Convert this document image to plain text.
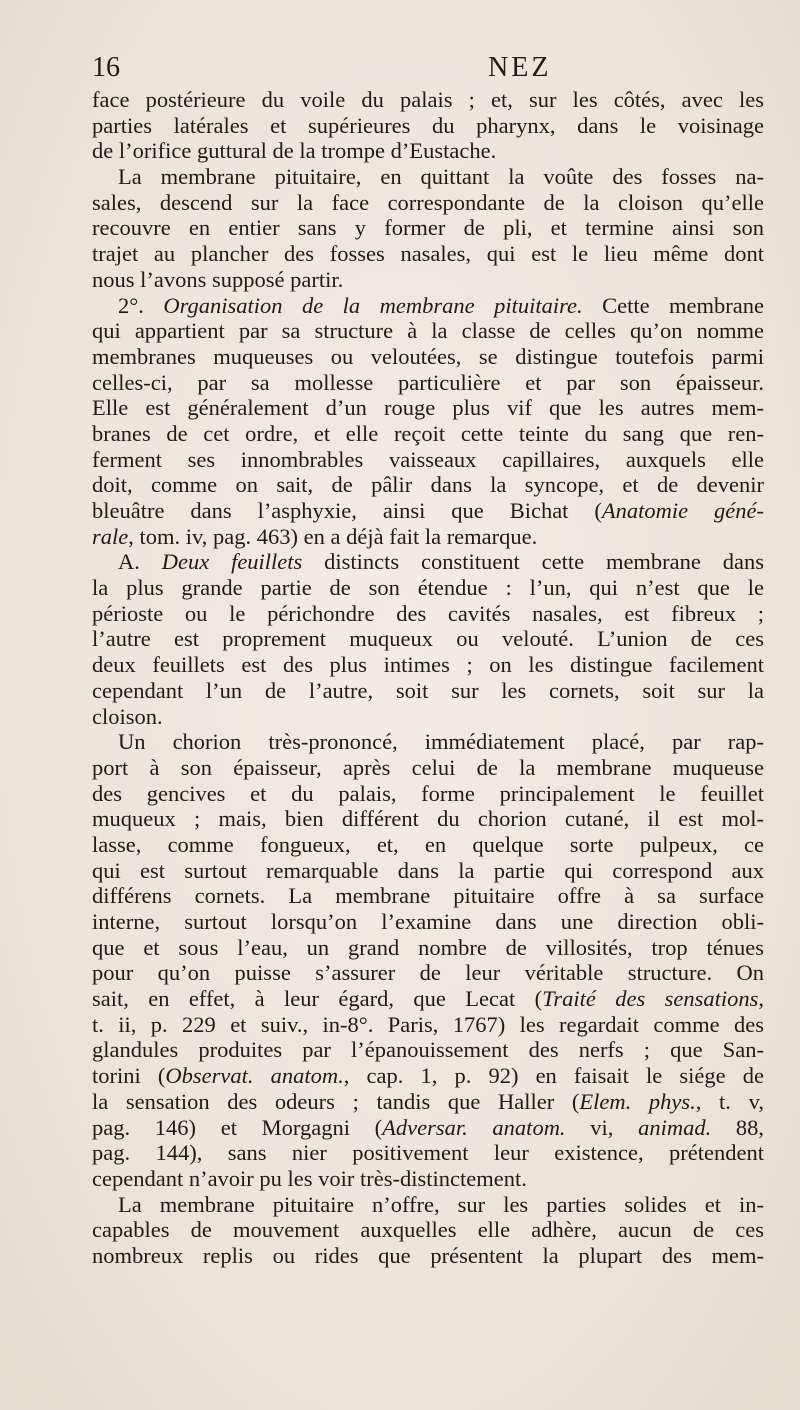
16	NEZ
face postérieure du voile du palais ; et, sur les côtés, avec les
parties latérales et supérieures du pharynx, dans le voisinage
de l’orifice guttural de la trompe d’Eustache.
La membrane pituitaire, en quittant la voûte des fosses na-
sales, descend sur la face correspondante de la cloison qu’elle
recouvre en entier sans y former de pli, et termine ainsi son
trajet au plancher des fosses nasales, qui est le lieu même dont
nous l’avons supposé partir.
2°. Organisation de la membrane pituitaire. Cette membrane
qui appartient par sa structure à la classe de celles qu’on nomme
membranes muqueuses ou veloutées, se distingue toutefois parmi
celles-ci, par sa mollesse particulière et par son épaisseur.
Elle est généralement d’un rouge plus vif que les autres mem-
branes de cet ordre, et elle reçoit cette teinte du sang que ren-
ferment ses innombrables vaisseaux capillaires, auxquels elle
doit, comme on sait, de pâlir dans la syncope, et de devenir
bleuâtre dans l’asphyxie, ainsi que Bichat (Anatomie géné-
rale, tom. iv, pag. 463) en a déjà fait la remarque.
A. Deux feuillets distincts constituent cette membrane dans
la plus grande partie de son étendue : l’un, qui n’est que le
périoste ou le périchondre des cavités nasales, est fibreux ;
l’autre est proprement muqueux ou velouté. L’union de ces
deux feuillets est des plus intimes ; on les distingue facilement
cependant l’un de l’autre, soit sur les cornets, soit sur la
cloison.
Un chorion très-prononcé, immédiatement placé, par rap-
port à son épaisseur, après celui de la membrane muqueuse
des gencives et du palais, forme principalement le feuillet
muqueux ; mais, bien différent du chorion cutané, il est mol-
lasse, comme fongueux, et, en quelque sorte pulpeux, ce
qui est surtout remarquable dans la partie qui correspond aux
différens cornets. La membrane pituitaire offre à sa surface
interne, surtout lorsqu’on l’examine dans une direction obli-
que et sous l’eau, un grand nombre de villosités, trop ténues
pour qu’on puisse s’assurer de leur véritable structure. On
sait, en effet, à leur égard, que Lecat (Traité des sensations,
t. ii, p. 229 et suiv., in-8°. Paris, 1767) les regardait comme des
glandules produites par l’épanouissement des nerfs ; que San-
torini (Observat. anatom., cap. 1, p. 92) en faisait le siége de
la sensation des odeurs ; tandis que Haller (Elem. phys., t. v,
pag. 146) et Morgagni (Adversar. anatom. vi, animad. 88,
pag. 144), sans nier positivement leur existence, prétendent
cependant n’avoir pu les voir très-distinctement.
La membrane pituitaire n’offre, sur les parties solides et in-
capables de mouvement auxquelles elle adhère, aucun de ces
nombreux replis ou rides que présentent la plupart des mem-
